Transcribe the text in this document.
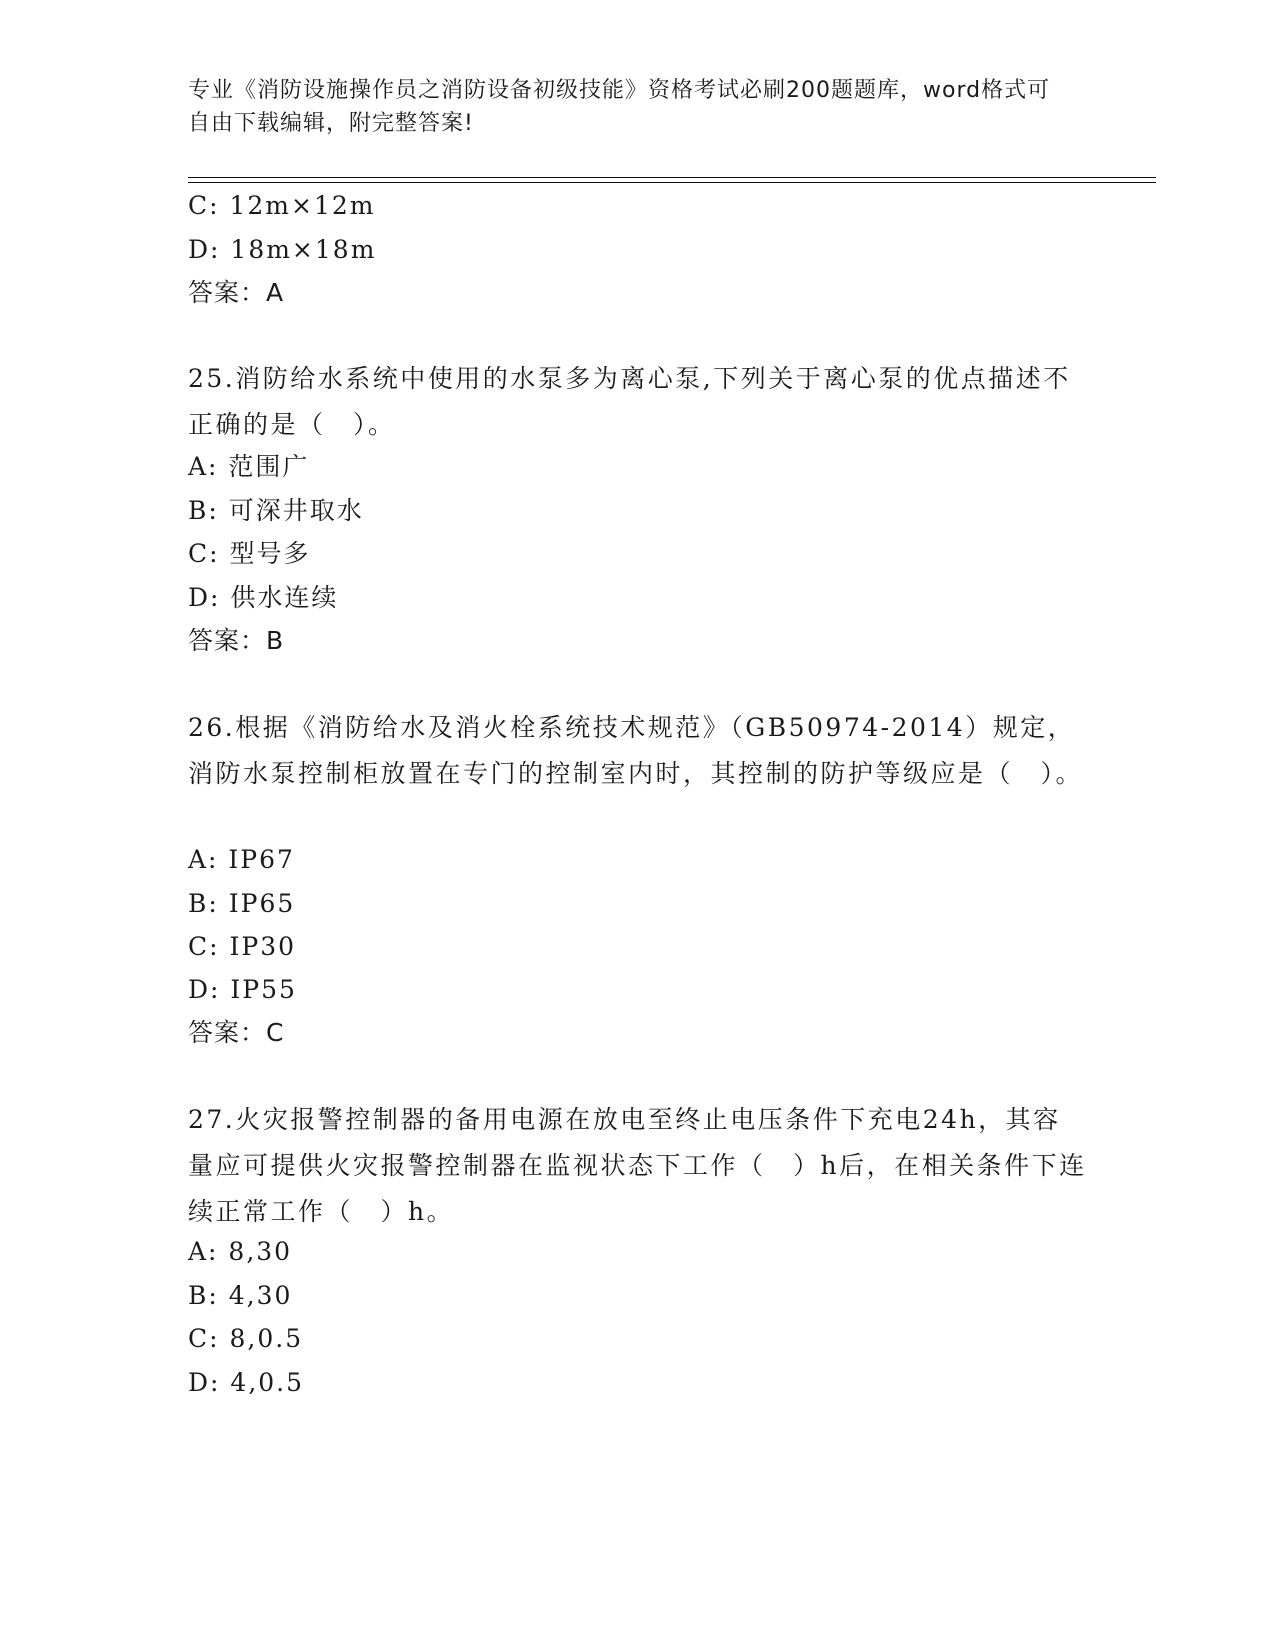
专业《消防设施操作员之消防设备初级技能》资格考试必刷200题题库，word格式可自由下载编辑，附完整答案!
C: 12m×12m
D: 18m×18m
答案：A
25.消防给水系统中使用的水泵多为离心泵,下列关于离心泵的优点描述不正确的是（　）。
A: 范围广
B: 可深井取水
C: 型号多
D: 供水连续
答案：B
26.根据《消防给水及消火栓系统技术规范》（GB50974-2014）规定，消防水泵控制柜放置在专门的控制室内时，其控制的防护等级应是（　）。
A: IP67
B: IP65
C: IP30
D: IP55
答案：C
27.火灾报警控制器的备用电源在放电至终止电压条件下充电24h，其容量应可提供火灾报警控制器在监视状态下工作（　）h后，在相关条件下连续正常工作（　）h。
A: 8,30
B: 4,30
C: 8,0.5
D: 4,0.5
